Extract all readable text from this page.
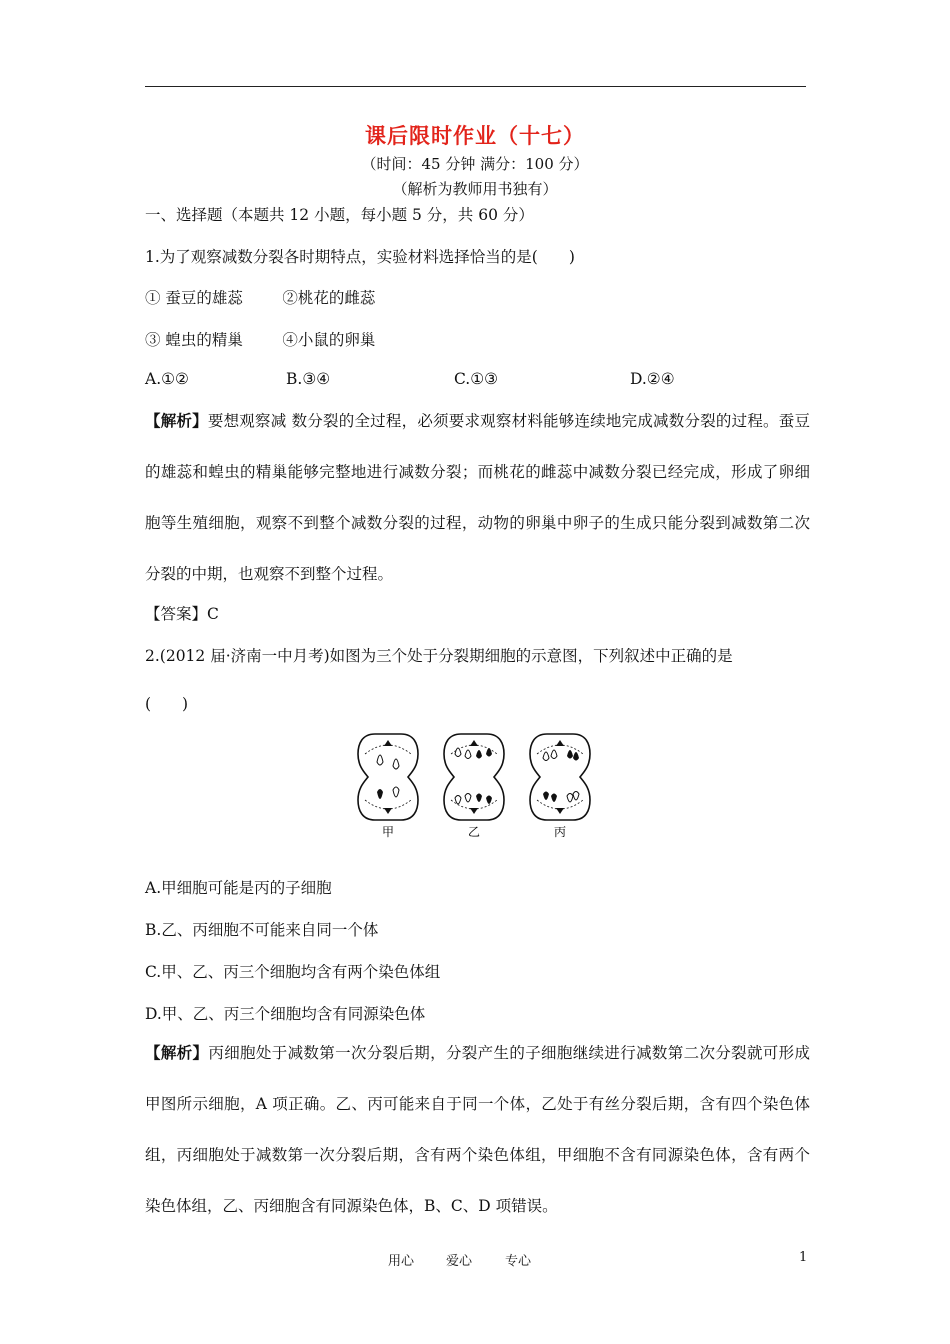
课后限时作业（十七）
（时间：45 分钟 满分：100 分）
（解析为教师用书独有）
一、选择题（本题共 12 小题，每小题 5 分，共 60 分）
1.为了观察减数分裂各时期特点，实验材料选择恰当的是(　　)
① 蚕豆的雄蕊        ②桃花的雌蕊
③ 蝗虫的精巢        ④小鼠的卵巢
A.①②	B.③④	C.①③	D.②④
【解析】要想观察减 数分裂的全过程，必须要求观察材料能够连续地完成减数分裂的过程。蚕豆的雄蕊和蝗虫的精巢能够完整地进行减数分裂；而桃花的雌蕊中减数分裂已经完成，形成了卵细胞等生殖细胞，观察不到整个减数分裂的过程，动物的卵巢中卵子的生成只能分裂到减数第二次分裂的中期，也观察不到整个过程。
【答案】C
2.(2012 届·济南一中月考)如图为三个处于分裂期细胞的示意图，下列叙述中正确的是
(　　)
甲	乙	丙
A.甲细胞可能是丙的子细胞
B.乙、丙细胞不可能来自同一个体
C.甲、乙、丙三个细胞均含有两个染色体组
D.甲、乙、丙三个细胞均含有同源染色体
【解析】丙细胞处于减数第一次分裂后期，分裂产生的子细胞继续进行减数第二次分裂就可形成甲图所示细胞，A 项正确。乙、丙可能来自于同一个体，乙处于有丝分裂后期，含有四个染色体组，丙细胞处于减数第一次分裂后期，含有两个染色体组，甲细胞不含有同源染色体，含有两个染色体组，乙、丙细胞含有同源染色体，B、C、D 项错误。
用心 爱心	专心	1
